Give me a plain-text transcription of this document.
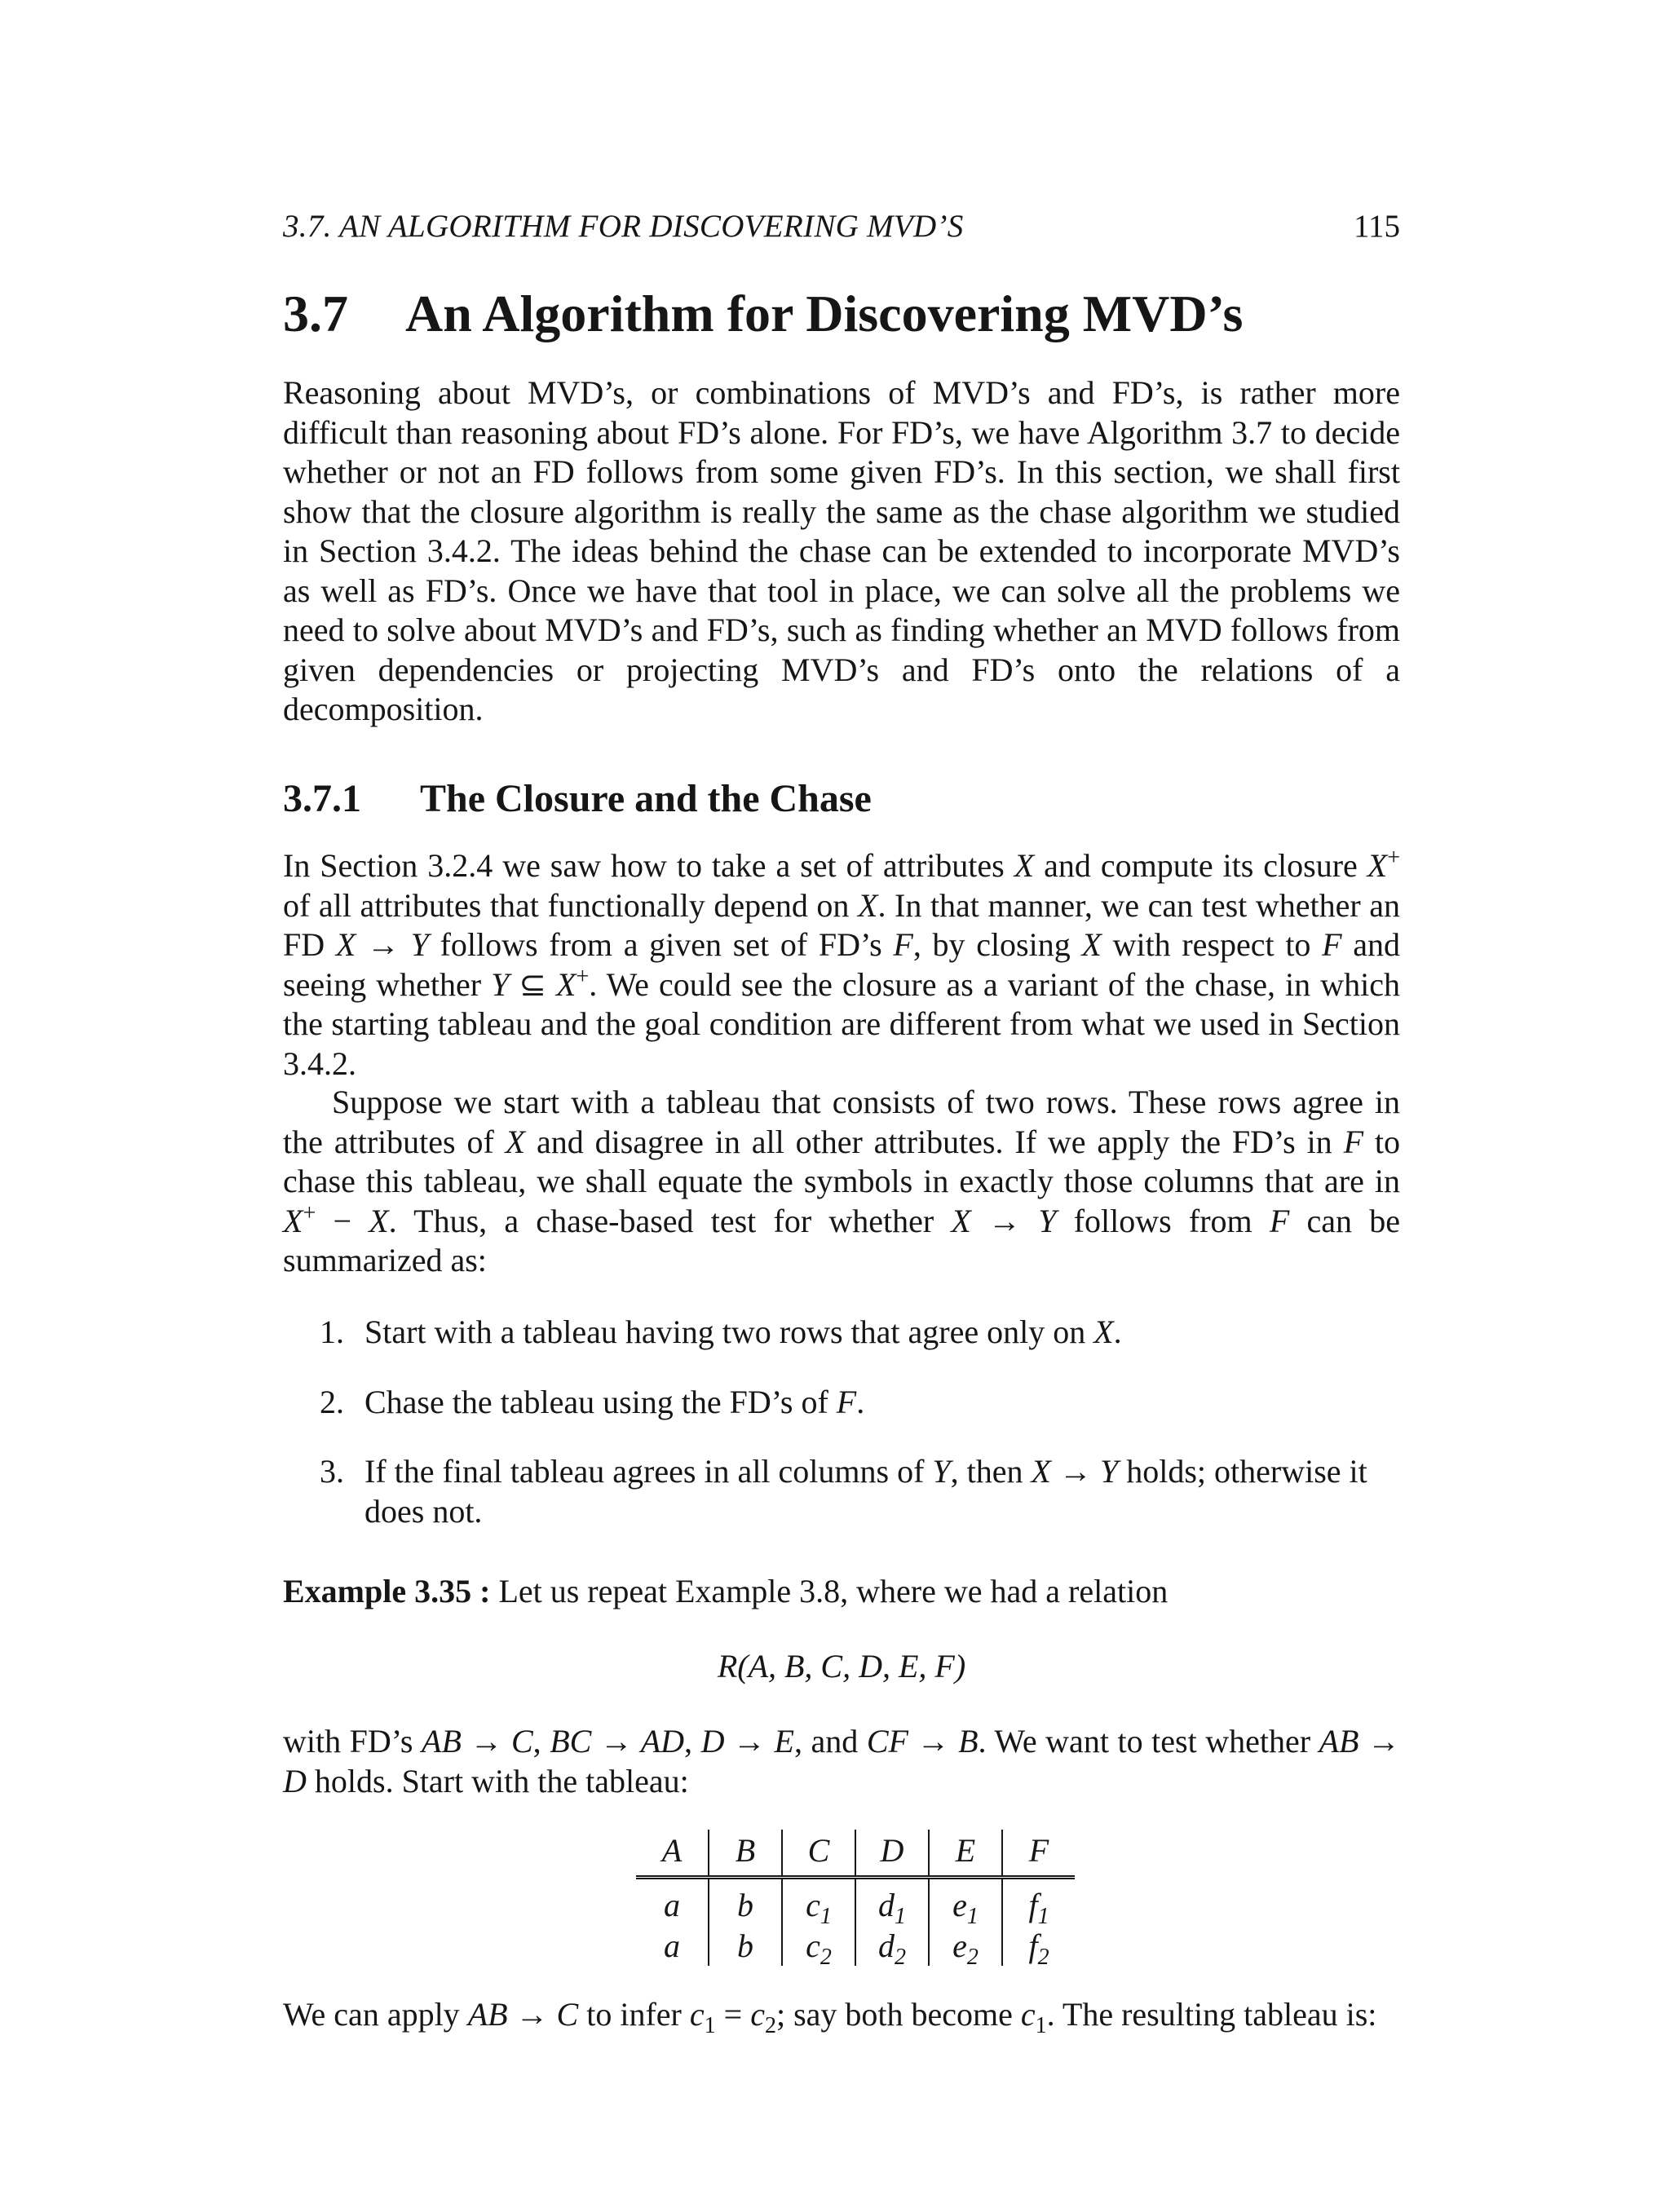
3.7. AN ALGORITHM FOR DISCOVERING MVD’S	115
3.7 An Algorithm for Discovering MVD’s

Reasoning about MVD’s, or combinations of MVD’s and FD’s, is rather more difficult than reasoning about FD’s alone. For FD’s, we have Algorithm 3.7 to decide whether or not an FD follows from some given FD’s. In this section, we shall first show that the closure algorithm is really the same as the chase algorithm we studied in Section 3.4.2. The ideas behind the chase can be extended to incorporate MVD’s as well as FD’s. Once we have that tool in place, we can solve all the problems we need to solve about MVD’s and FD’s, such as finding whether an MVD follows from given dependencies or projecting MVD’s and FD’s onto the relations of a decomposition.

3.7.1 The Closure and the Chase

In Section 3.2.4 we saw how to take a set of attributes X and compute its closure X+ of all attributes that functionally depend on X. In that manner, we can test whether an FD X → Y follows from a given set of FD’s F, by closing X with respect to F and seeing whether Y ⊆ X+. We could see the closure as a variant of the chase, in which the starting tableau and the goal condition are different from what we used in Section 3.4.2.

Suppose we start with a tableau that consists of two rows. These rows agree in the attributes of X and disagree in all other attributes. If we apply the FD’s in F to chase this tableau, we shall equate the symbols in exactly those columns that are in X+ − X. Thus, a chase-based test for whether X → Y follows from F can be summarized as:

1. Start with a tableau having two rows that agree only on X.
2. Chase the tableau using the FD’s of F.
3. If the final tableau agrees in all columns of Y, then X → Y holds; otherwise it does not.

Example 3.35 : Let us repeat Example 3.8, where we had a relation

R(A, B, C, D, E, F)

with FD’s AB → C, BC → AD, D → E, and CF → B. We want to test whether AB → D holds. Start with the tableau:

A	B	C	D	E	F
a	b	$c_1$	$d_1$	$e_1$	$f_1$
a	b	$c_2$	$d_2$	$e_2$	$f_2$

We can apply AB → C to infer $c_1 = c_2$; say both become $c_1$. The resulting tableau is:
